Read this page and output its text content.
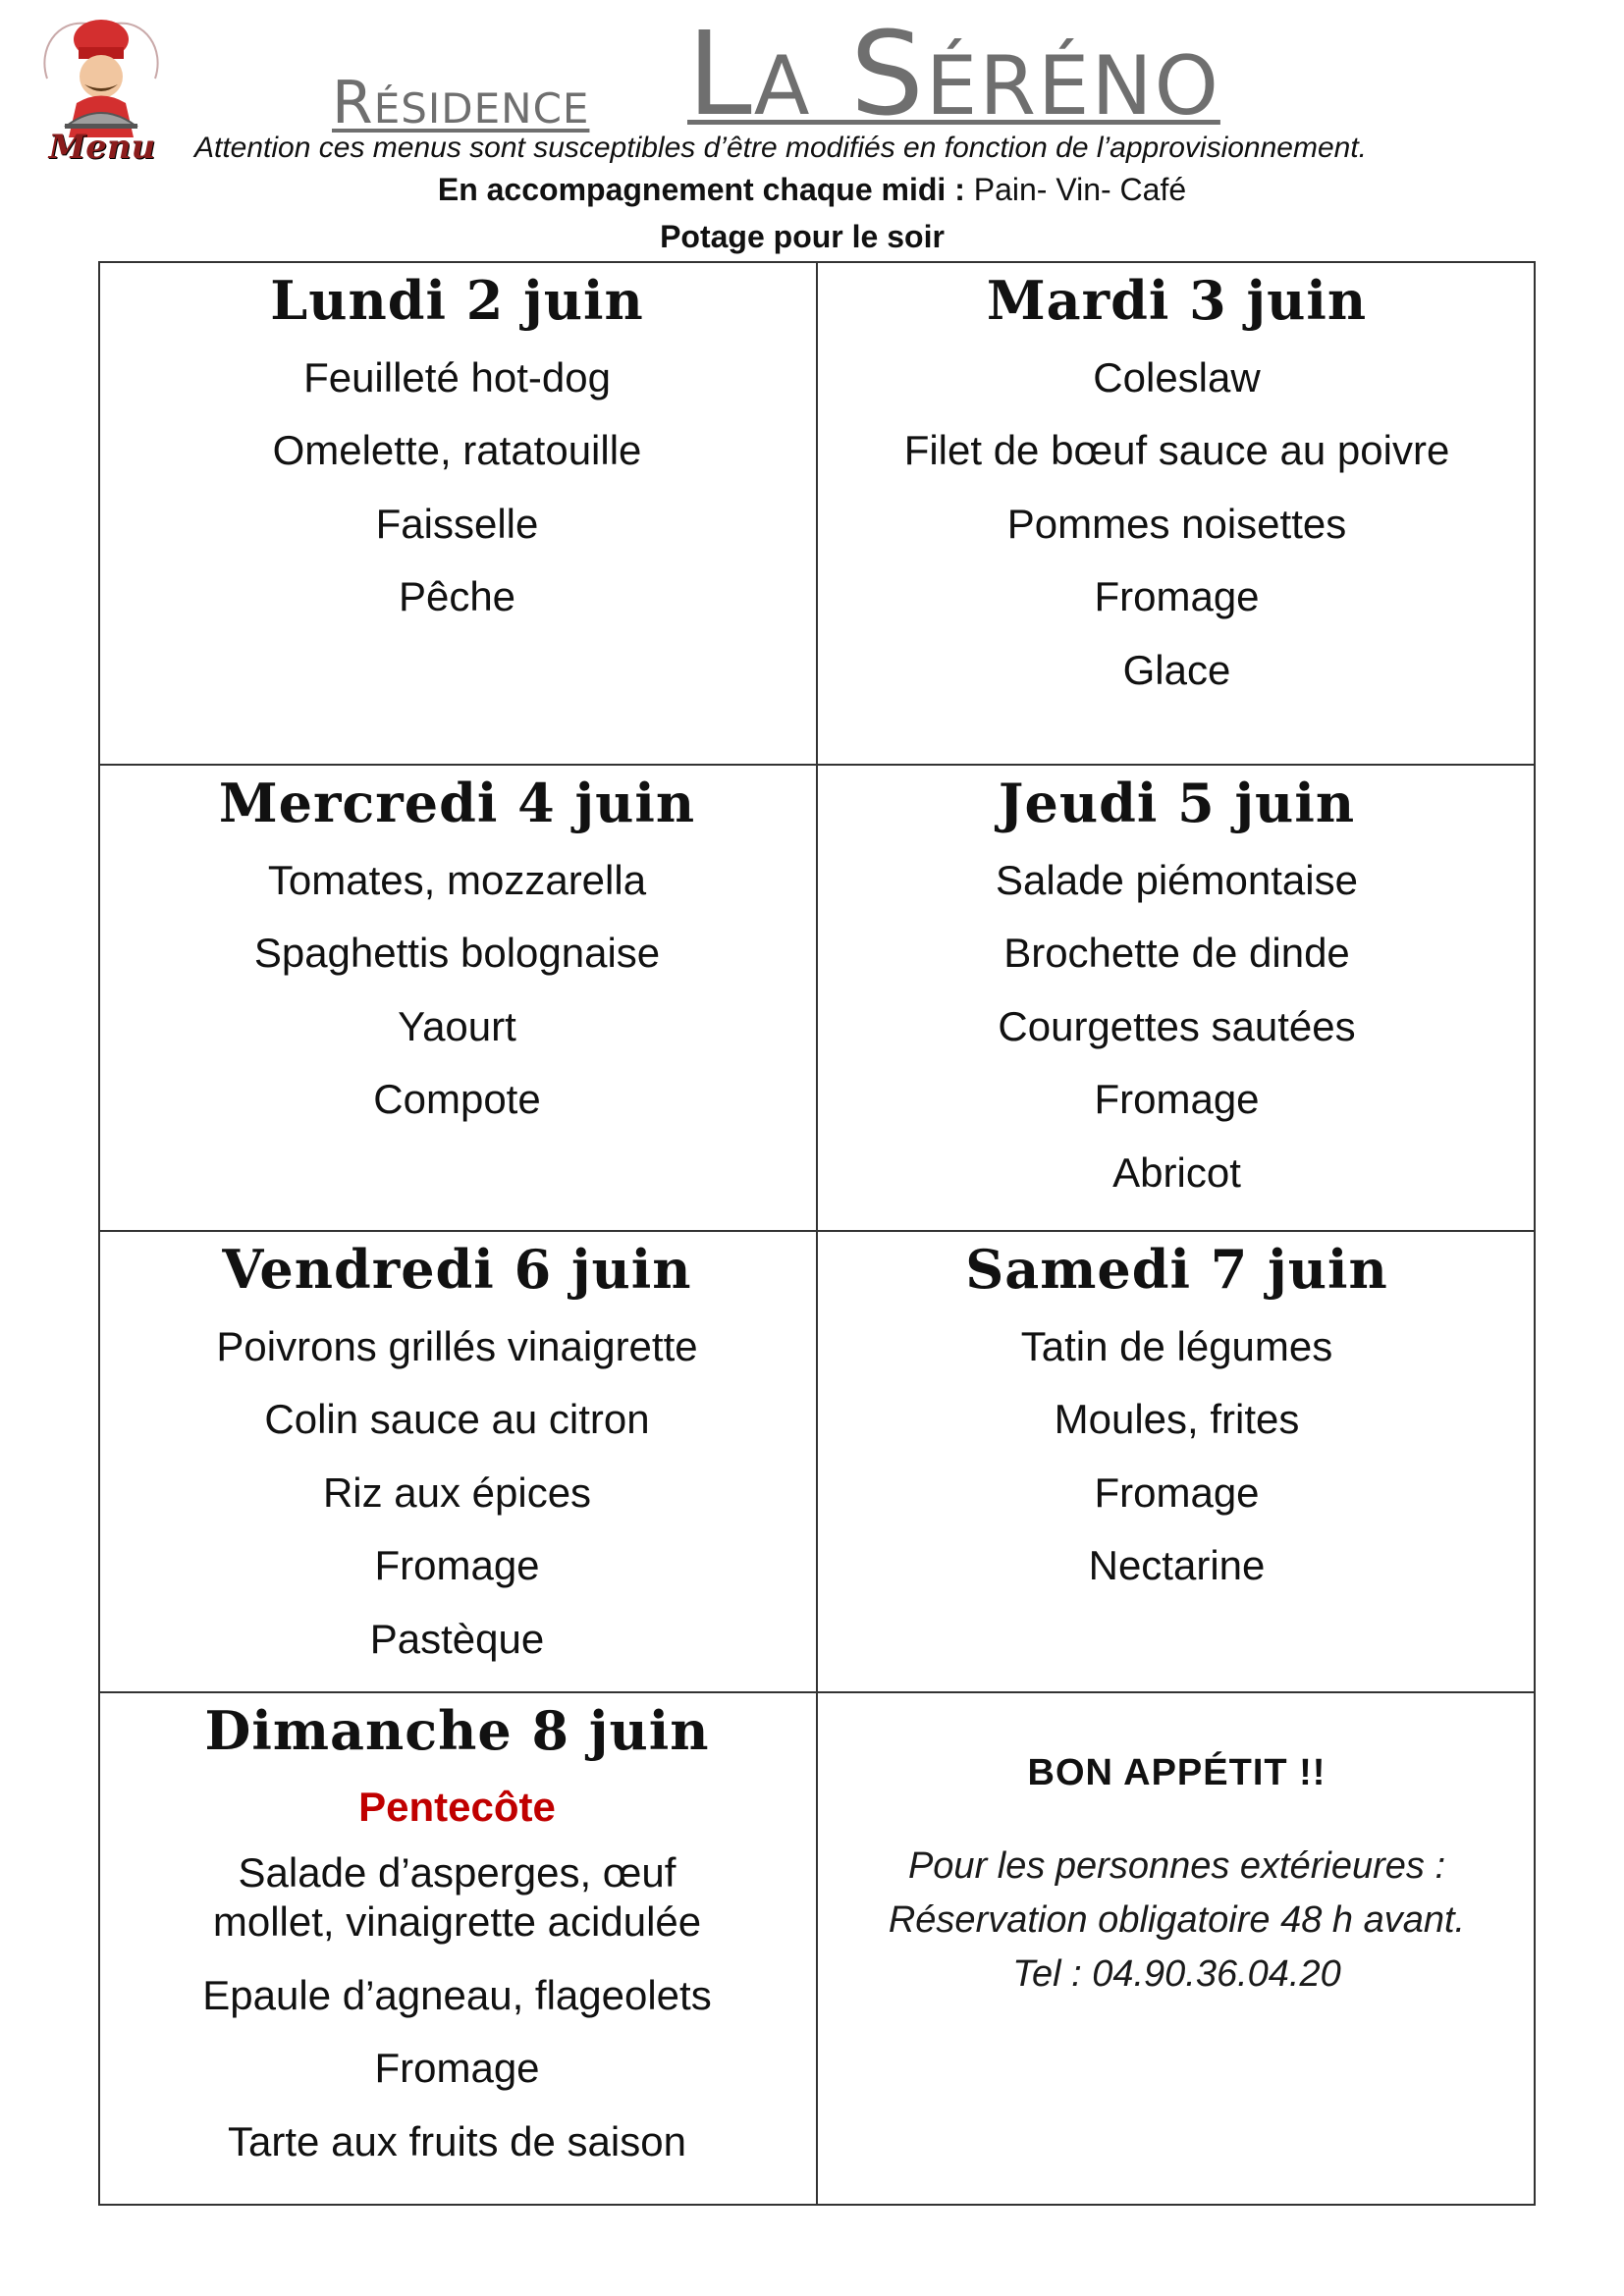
Menu
Résidence La Séréno
Attention ces menus sont susceptibles d’être modifiés en fonction de l’approvisionnement.
En accompagnement chaque midi : Pain- Vin- Café
Potage pour le soir
Lundi 2 juin
Feuilleté hot-dog
Omelette, ratatouille
Faisselle
Pêche
Mardi 3 juin
Coleslaw
Filet de bœuf sauce au poivre
Pommes noisettes
Fromage
Glace
Mercredi 4 juin
Tomates, mozzarella
Spaghettis bolognaise
Yaourt
Compote
Jeudi 5 juin
Salade piémontaise
Brochette de dinde
Courgettes sautées
Fromage
Abricot
Vendredi 6 juin
Poivrons grillés vinaigrette
Colin sauce au citron
Riz aux épices
Fromage
Pastèque
Samedi 7 juin
Tatin de légumes
Moules, frites
Fromage
Nectarine
Dimanche 8 juin
Pentecôte
Salade d’asperges, œuf mollet, vinaigrette acidulée
Epaule d’agneau, flageolets
Fromage
Tarte aux fruits de saison
BON APPÉTIT !!
Pour les personnes extérieures :
Réservation obligatoire 48 h avant.
Tel : 04.90.36.04.20
